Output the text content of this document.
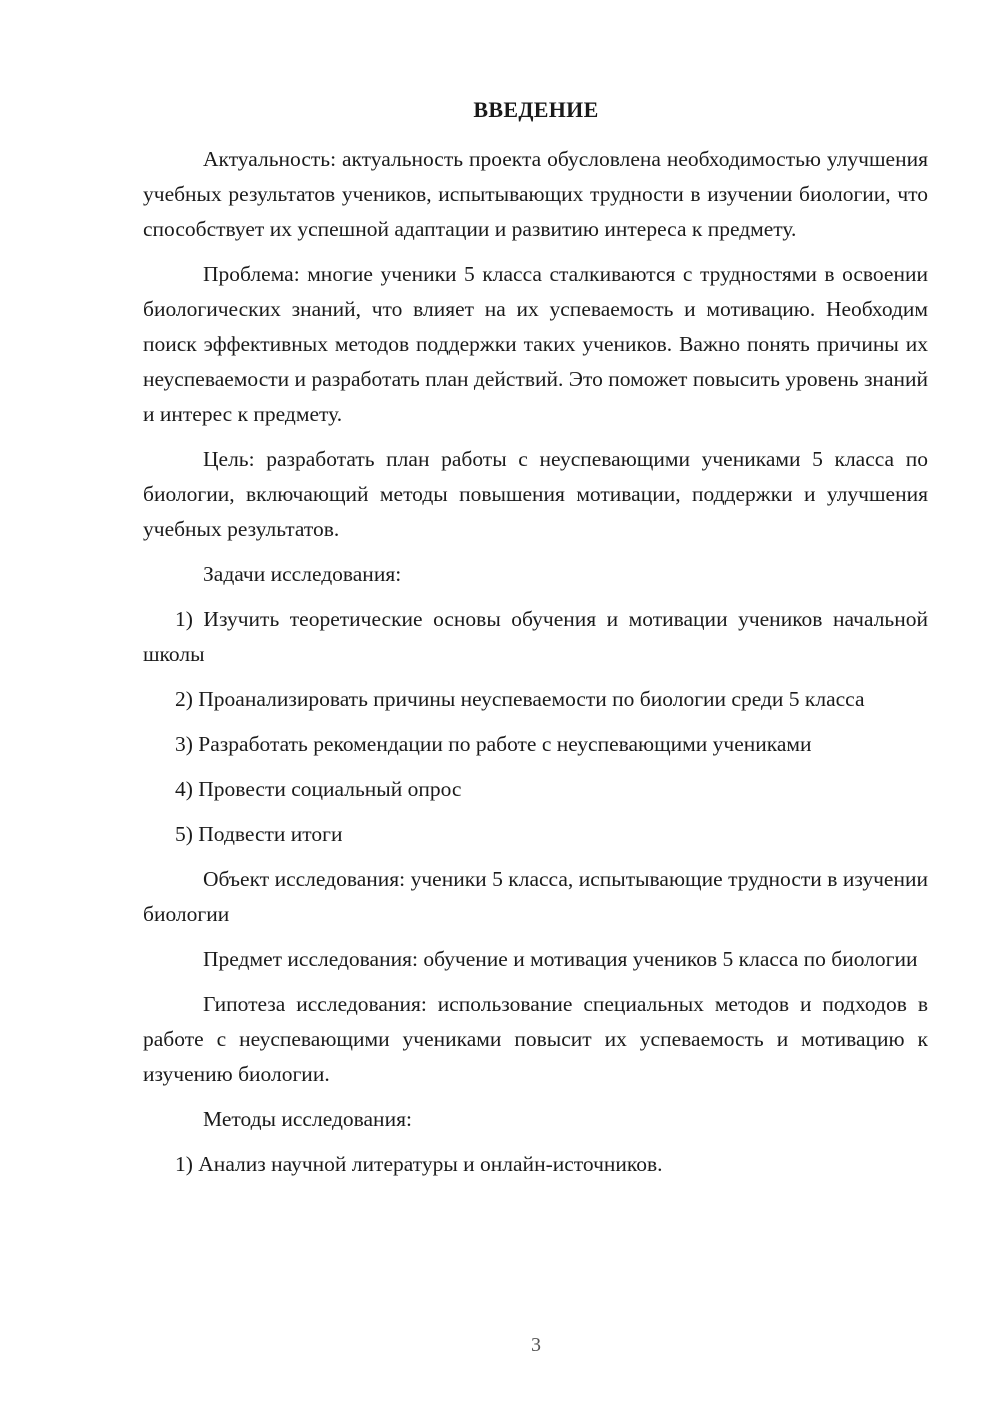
ВВЕДЕНИЕ

Актуальность: актуальность проекта обусловлена необходимостью улучшения учебных результатов учеников, испытывающих трудности в изучении биологии, что способствует их успешной адаптации и развитию интереса к предмету.

Проблема: многие ученики 5 класса сталкиваются с трудностями в освоении биологических знаний, что влияет на их успеваемость и мотивацию. Необходим поиск эффективных методов поддержки таких учеников. Важно понять причины их неуспеваемости и разработать план действий. Это поможет повысить уровень знаний и интерес к предмету.

Цель: разработать план работы с неуспевающими учениками 5 класса по биологии, включающий методы повышения мотивации, поддержки и улучшения учебных результатов.

Задачи исследования:

1) Изучить теоретические основы обучения и мотивации учеников начальной школы

2) Проанализировать причины неуспеваемости по биологии среди 5 класса

3) Разработать рекомендации по работе с неуспевающими учениками

4) Провести социальный опрос

5) Подвести итоги

Объект исследования: ученики 5 класса, испытывающие трудности в изучении биологии

Предмет исследования: обучение и мотивация учеников 5 класса по биологии

Гипотеза исследования: использование специальных методов и подходов в работе с неуспевающими учениками повысит их успеваемость и мотивацию к изучению биологии.

Методы исследования:

1) Анализ научной литературы и онлайн-источников.

3
